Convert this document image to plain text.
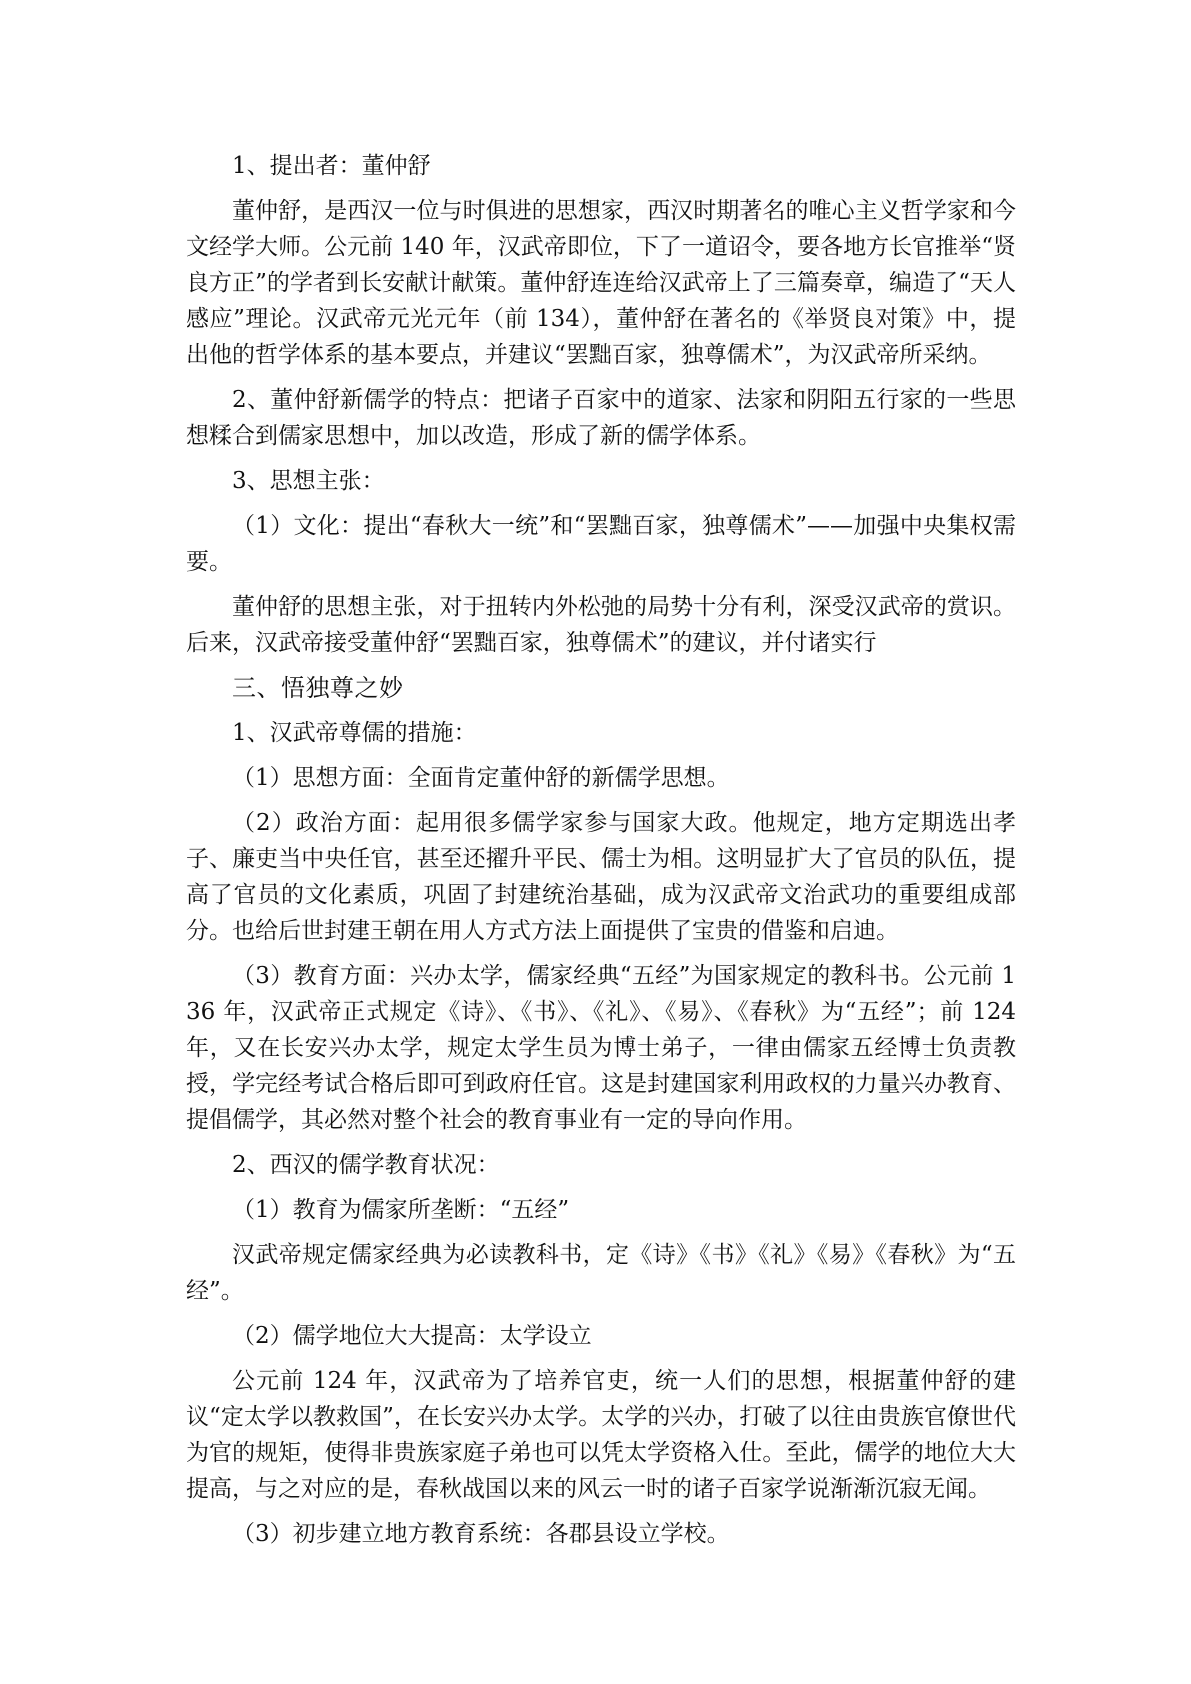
1、提出者：董仲舒

董仲舒，是西汉一位与时俱进的思想家，西汉时期著名的唯心主义哲学家和今文经学大师。公元前 140 年，汉武帝即位，下了一道诏令，要各地方长官推举“贤良方正”的学者到长安献计献策。董仲舒连连给汉武帝上了三篇奏章，编造了“天人感应”理论。汉武帝元光元年（前 134），董仲舒在著名的《举贤良对策》中，提出他的哲学体系的基本要点，并建议“罢黜百家，独尊儒术”，为汉武帝所采纳。

2、董仲舒新儒学的特点：把诸子百家中的道家、法家和阴阳五行家的一些思想糅合到儒家思想中，加以改造，形成了新的儒学体系。

3、思想主张：

（1）文化：提出“春秋大一统”和“罢黜百家，独尊儒术”——加强中央集权需要。

董仲舒的思想主张，对于扭转内外松弛的局势十分有利，深受汉武帝的赏识。后来，汉武帝接受董仲舒“罢黜百家，独尊儒术”的建议，并付诸实行

三、悟独尊之妙

1、汉武帝尊儒的措施：

（1）思想方面：全面肯定董仲舒的新儒学思想。

（2）政治方面：起用很多儒学家参与国家大政。他规定，地方定期选出孝子、廉吏当中央任官，甚至还擢升平民、儒士为相。这明显扩大了官员的队伍，提高了官员的文化素质，巩固了封建统治基础，成为汉武帝文治武功的重要组成部分。也给后世封建王朝在用人方式方法上面提供了宝贵的借鉴和启迪。

（3）教育方面：兴办太学，儒家经典“五经”为国家规定的教科书。公元前 136 年，汉武帝正式规定《诗》、《书》、《礼》、《易》、《春秋》为“五经”；前 124 年，又在长安兴办太学，规定太学生员为博士弟子，一律由儒家五经博士负责教授，学完经考试合格后即可到政府任官。这是封建国家利用政权的力量兴办教育、提倡儒学，其必然对整个社会的教育事业有一定的导向作用。

2、西汉的儒学教育状况：

（1）教育为儒家所垄断：“五经”

汉武帝规定儒家经典为必读教科书，定《诗》《书》《礼》《易》《春秋》为“五经”。

（2）儒学地位大大提高：太学设立

公元前 124 年，汉武帝为了培养官吏，统一人们的思想，根据董仲舒的建议“定太学以教救国”，在长安兴办太学。太学的兴办，打破了以往由贵族官僚世代为官的规矩，使得非贵族家庭子弟也可以凭太学资格入仕。至此，儒学的地位大大提高，与之对应的是，春秋战国以来的风云一时的诸子百家学说渐渐沉寂无闻。

（3）初步建立地方教育系统：各郡县设立学校。
